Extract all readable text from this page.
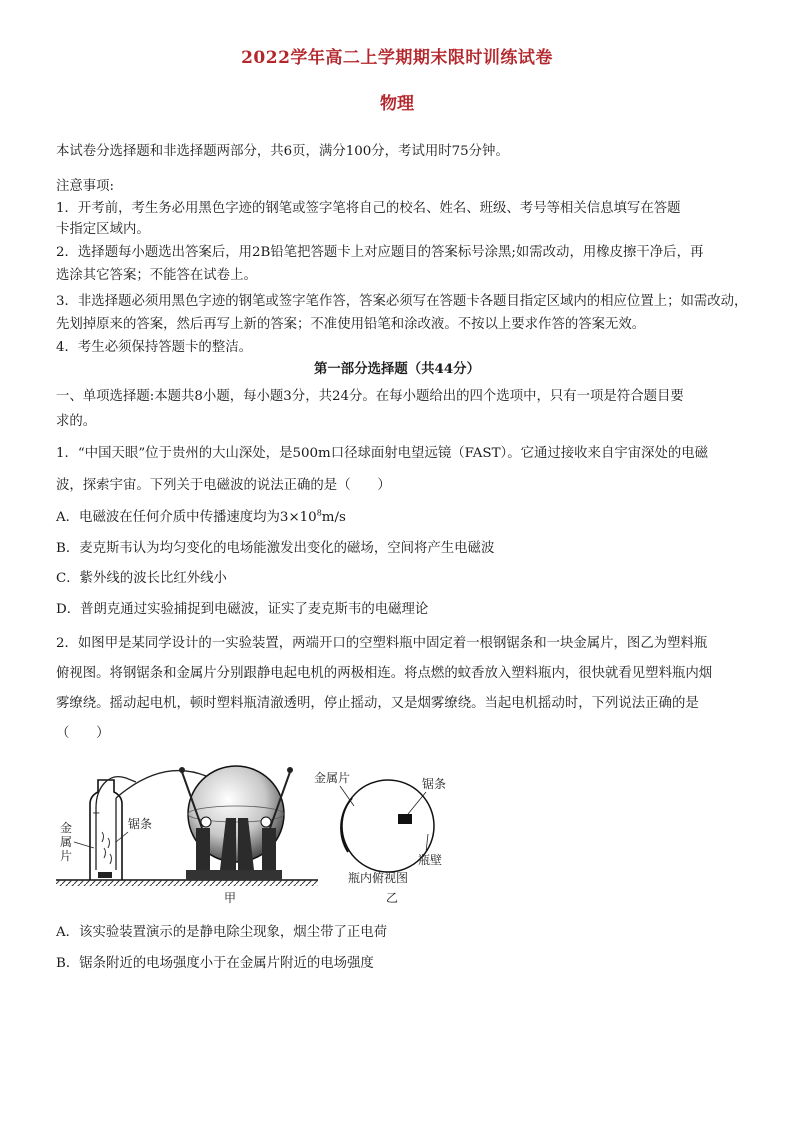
2022学年高二上学期期末限时训练试卷
物理
本试卷分选择题和非选择题两部分，共6页，满分100分，考试用时75分钟。
注意事项:
1．开考前，考生务必用黑色字迹的钢笔或签字笔将自己的校名、姓名、班级、考号等相关信息填写在答题
卡指定区域内。
2．选择题每小题选出答案后，用2B铅笔把答题卡上对应题目的答案标号涂黑;如需改动，用橡皮擦干净后，再
选涂其它答案；不能答在试卷上。
3．非选择题必须用黑色字迹的钢笔或签字笔作答，答案必须写在答题卡各题目指定区域内的相应位置上；如需改动，
先划掉原来的答案，然后再写上新的答案；不准使用铅笔和涂改液。不按以上要求作答的答案无效。
4．考生必须保持答题卡的整洁。
第一部分选择题（共44分）
一、单项选择题:本题共8小题，每小题3分，共24分。在每小题给出的四个选项中，只有一项是符合题目要
求的。
1．“中国天眼”位于贵州的大山深处，是500m口径球面射电望远镜（FAST）。它通过接收来自宇宙深处的电磁
波，探索宇宙。下列关于电磁波的说法正确的是（　　）
A．电磁波在任何介质中传播速度均为$3\times 10^8m/s$
B．麦克斯韦认为均匀变化的电场能激发出变化的磁场，空间将产生电磁波
C．紫外线的波长比红外线小
D．普朗克通过实验捕捉到电磁波，证实了麦克斯韦的电磁理论
2．如图甲是某同学设计的一实验装置，两端开口的空塑料瓶中固定着一根钢锯条和一块金属片，图乙为塑料瓶
俯视图。将钢锯条和金属片分别跟静电起电机的两极相连。将点燃的蚊香放入塑料瓶内，很快就看见塑料瓶内烟
雾缭绕。摇动起电机，顿时塑料瓶清澈透明，停止摇动，又是烟雾缭绕。当起电机摇动时，下列说法正确的是
（　　）
+
金
属
片
锯条
甲
金属片	锯条
瓶壁
瓶内俯视图
乙
A．该实验装置演示的是静电除尘现象，烟尘带了正电荷
B．锯条附近的电场强度小于在金属片附近的电场强度
